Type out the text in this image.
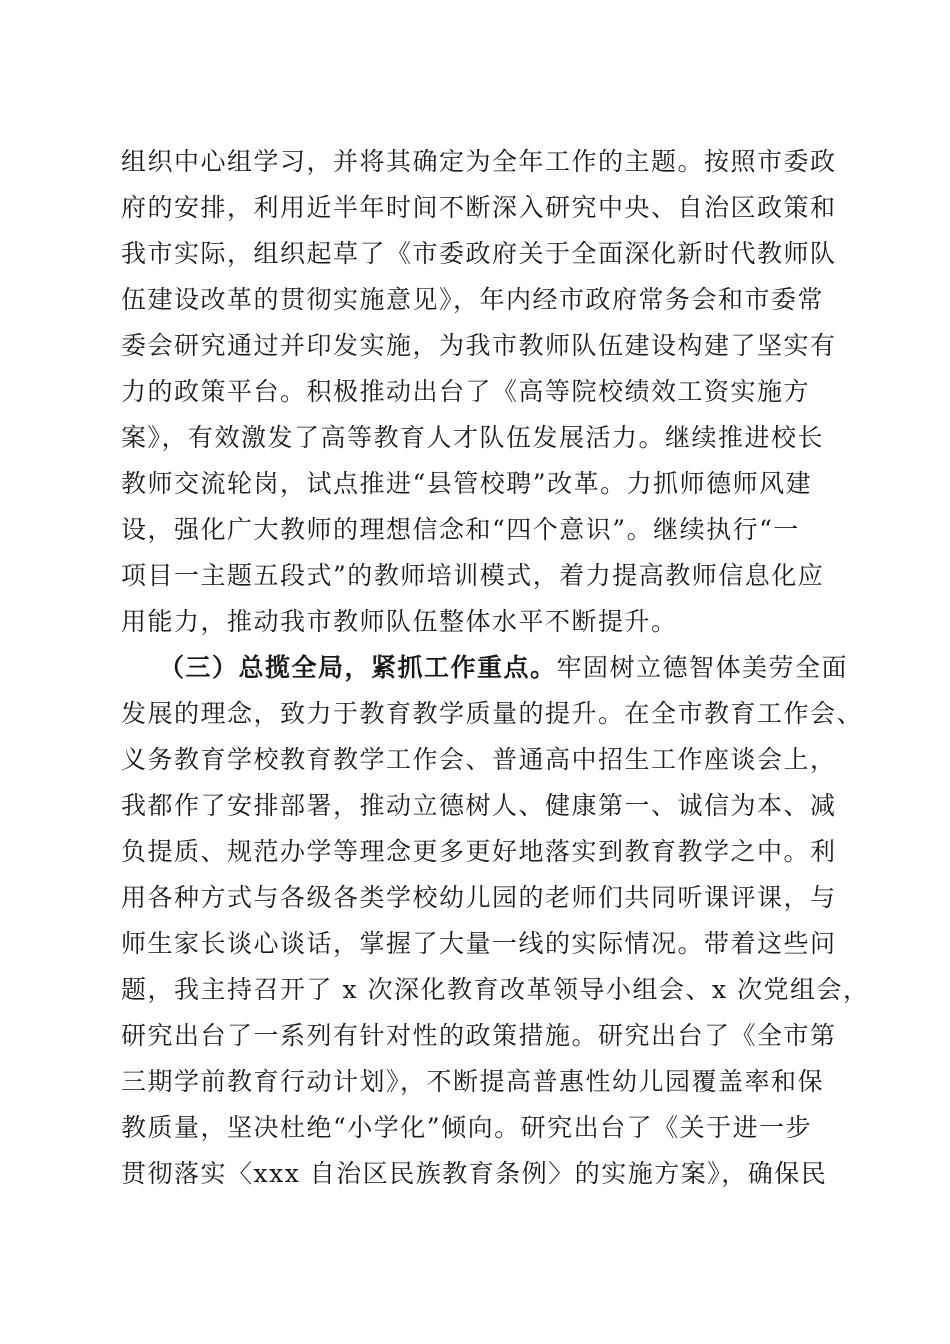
组织中心组学习，并将其确定为全年工作的主题。按照市委政
府的安排，利用近半年时间不断深入研究中央、自治区政策和
我市实际，组织起草了《市委政府关于全面深化新时代教师队
伍建设改革的贯彻实施意见》，年内经市政府常务会和市委常
委会研究通过并印发实施，为我市教师队伍建设构建了坚实有
力的政策平台。积极推动出台了《高等院校绩效工资实施方
案》，有效激发了高等教育人才队伍发展活力。继续推进校长
教师交流轮岗，试点推进“县管校聘”改革。力抓师德师风建
设，强化广大教师的理想信念和“四个意识”。继续执行“一
项目一主题五段式”的教师培训模式，着力提高教师信息化应
用能力，推动我市教师队伍整体水平不断提升。
（三）总揽全局，紧抓工作重点。牢固树立德智体美劳全面
发展的理念，致力于教育教学质量的提升。在全市教育工作会、
义务教育学校教育教学工作会、普通高中招生工作座谈会上，
我都作了安排部署，推动立德树人、健康第一、诚信为本、减
负提质、规范办学等理念更多更好地落实到教育教学之中。利
用各种方式与各级各类学校幼儿园的老师们共同听课评课，与
师生家长谈心谈话，掌握了大量一线的实际情况。带着这些问
题，我主持召开了 x 次深化教育改革领导小组会、x 次党组会，
研究出台了一系列有针对性的政策措施。研究出台了《全市第
三期学前教育行动计划》，不断提高普惠性幼儿园覆盖率和保
教质量，坚决杜绝“小学化”倾向。研究出台了《关于进一步
贯彻落实〈xxx 自治区民族教育条例〉的实施方案》，确保民
